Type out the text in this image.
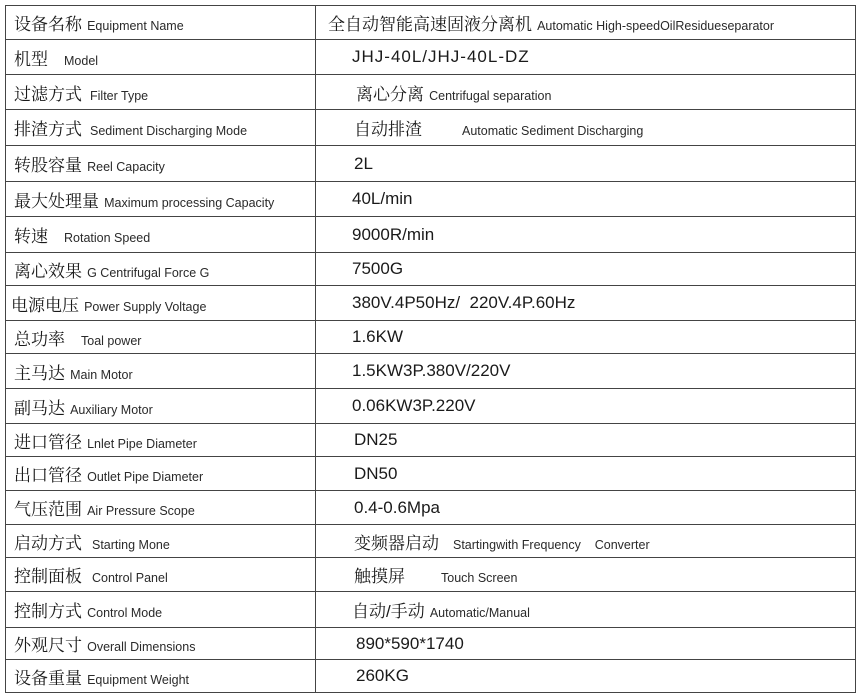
设备名称 Equipment Name	全自动智能高速固液分离机 Automatic High-speedOilResidueseparator
机型 Model	JHJ-40L/JHJ-40L-DZ
过滤方式 Filter Type	离心分离 Centrifugal separation
排渣方式 Sediment Discharging Mode	自动排渣 Automatic Sediment Discharging
转股容量 Reel Capacity	2L
最大处理量 Maximum processing Capacity	40L/min
转速 Rotation Speed	9000R/min
离心效果 G Centrifugal Force G	7500G
电源电压 Power Supply Voltage	380V.4P50Hz/  220V.4P.60Hz
总功率 Toal power	1.6KW
主马达 Main Motor	1.5KW3P.380V/220V
副马达 Auxiliary Motor	0.06KW3P.220V
进口管径 Lnlet Pipe Diameter	DN25
出口管径 Outlet Pipe Diameter	DN50
气压范围 Air Pressure Scope	0.4-0.6Mpa
启动方式 Starting Mone	变频器启动 Startingwith Frequency    Converter
控制面板 Control Panel	触摸屏 Touch Screen
控制方式 Control Mode	自动/手动 Automatic/Manual
外观尺寸 Overall Dimensions	890*590*1740
设备重量 Equipment Weight	260KG
